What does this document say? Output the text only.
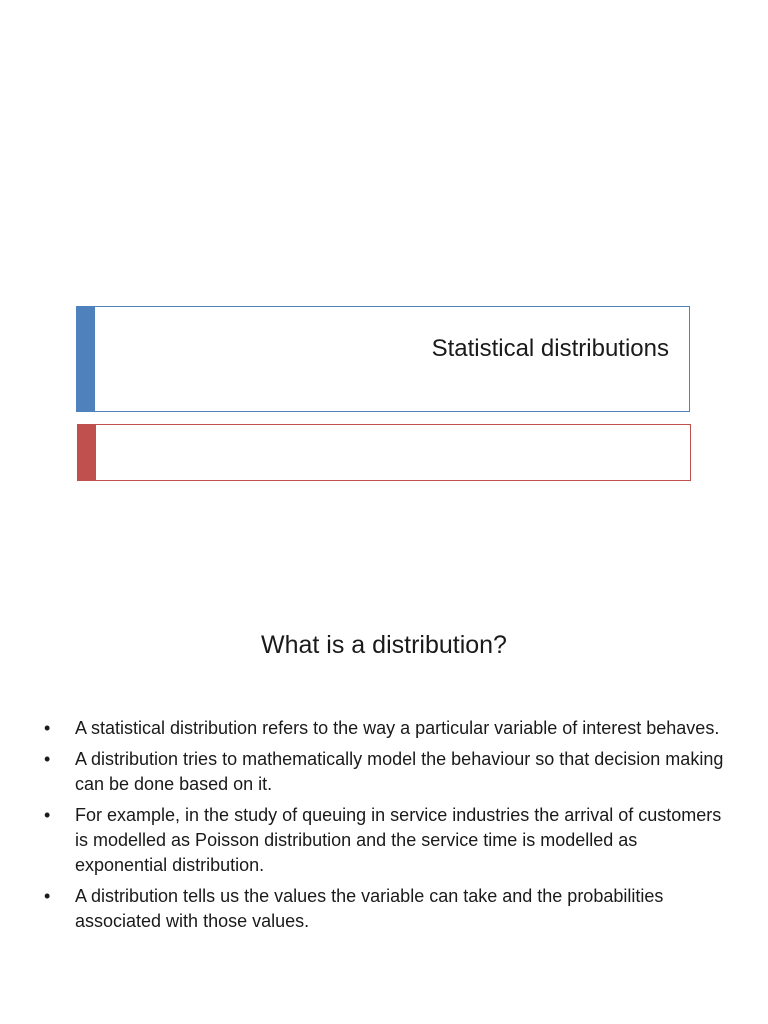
Statistical distributions
What is a distribution?
• A statistical distribution refers to the way a particular variable of interest behaves.
• A distribution tries to mathematically model the behaviour so that decision making can be done based on it.
• For example, in the study of queuing in service industries the arrival of customers is modelled as Poisson distribution and the service time is modelled as exponential distribution.
• A distribution tells us the values the variable can take and the probabilities associated with those values.
